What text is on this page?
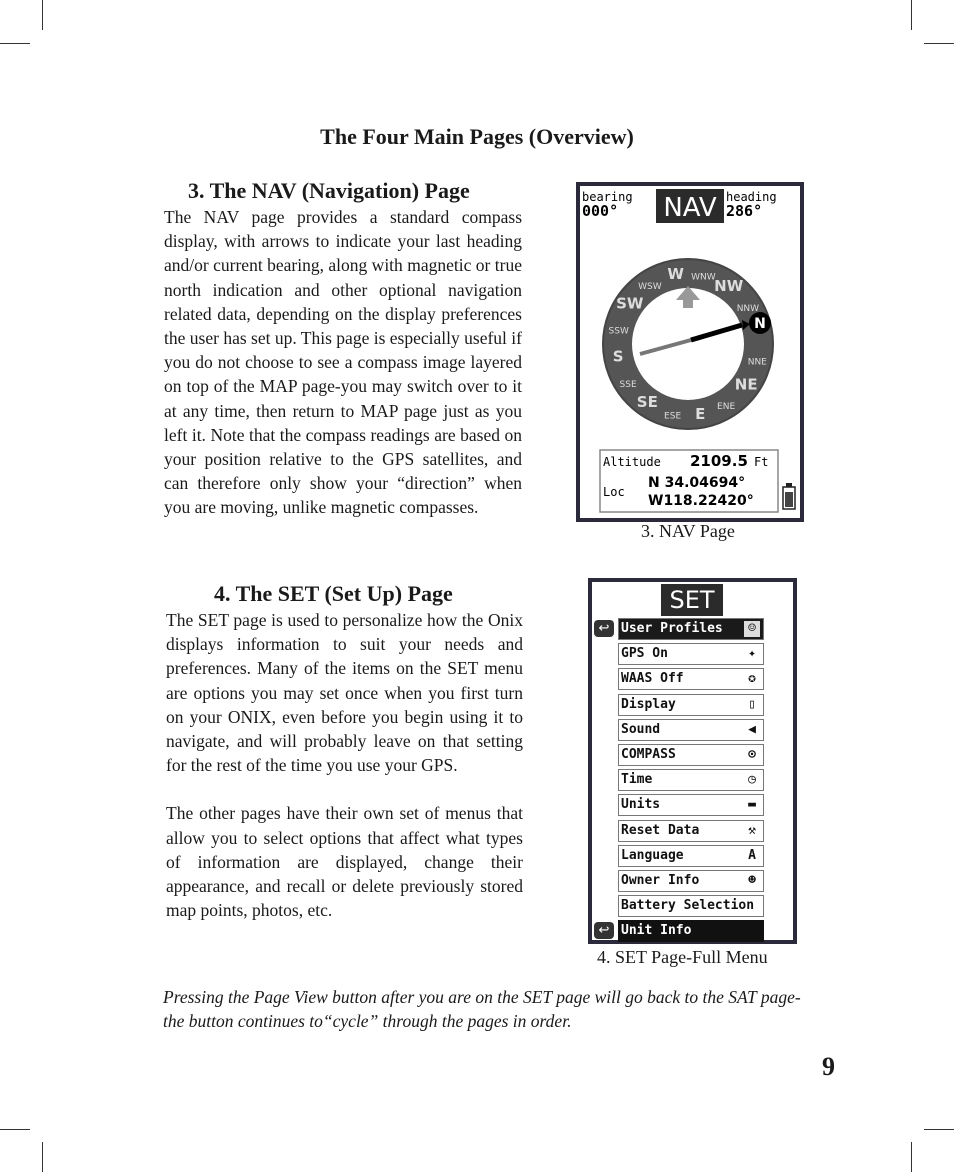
The Four Main Pages (Overview)
3. The NAV (Navigation) Page

The NAV page provides a standard compass display, with arrows to indicate your last heading and/or current bearing, along with magnetic or true north indication and other optional navigation related data, depending on the display preferences the user has set up. This page is especially useful if you do not choose to see a compass image layered on top of the MAP page-you may switch over to it at any time, then return to MAP page just as you left it. Note that the compass readings are based on your position relative to the GPS satellites, and can therefore only show your “direction” when you are moving, unlike magnetic compasses.

bearing
000° NAV heading
286°
W WNW
NW
NNW
NNE
NE
ENE
E
ESE
SE
SSE
S
SSW
SW
WSW
N
Altitude 2109.5 Ft
Loc
N 34.04694°
W118.22420°
3. NAV Page
4. The SET (Set Up) Page

The SET page is used to personalize how the Onix displays information to suit your needs and preferences. Many of the items on the SET menu are options you may set once when you first turn on your ONIX, even before you begin using it to navigate, and will probably leave on that setting for the rest of the time you use your GPS.

The other pages have their own set of menus that allow you to select options that affect what types of information are displayed, change their appearance, and recall or delete previously stored map points, photos, etc.

SET
User Profiles	☺
↩
GPS On	✦
WAAS Off	✪
Display	▯
Sound	◀
COMPASS	⊙
Time	◷
Units	▬
Reset Data	⚒
Language	A
Owner Info	☻
Battery Selection
Unit Info
↩
4. SET Page-Full Menu
Pressing the Page View button after you are on the SET page will go back to the SAT page-the button continues to“cycle” through the pages in order.
9
